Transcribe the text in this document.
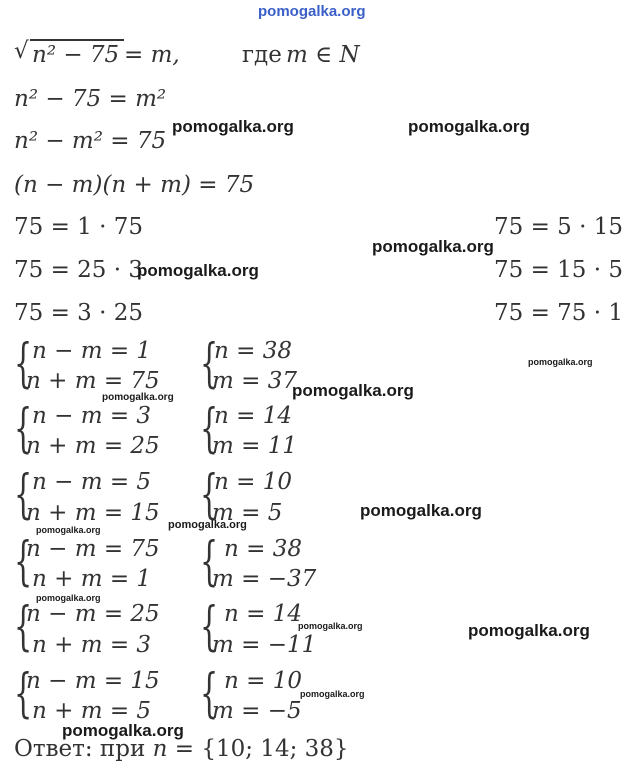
pomogalka.org
√ n² − 75 = m,	где m ∈ N
n² − 75 = m²
n² − m² = 75
(n − m)(n + m) = 75
75 = 1 · 75
75 = 25 · 3
75 = 3 · 25
75 = 5 · 15
75 = 15 · 5
75 = 75 · 1
{ n − m = 1
n + m = 75 {
n = 38
m = 37
{ n − m = 3
n + m = 25 {
n = 14
m = 11
{ n − m = 5
n + m = 15 {
n = 10
m = 5
{
n − m = 75
n + m = 1 { n = 38
m = −37
{
n − m = 25
n + m = 3 { n = 14
m = −11
{
n − m = 15
n + m = 5 { n = 10
m = −5
Ответ: при n = {10; 14; 38}
pomogalka.org	pomogalka.org
pomogalka.org
pomogalka.org
pomogalka.org
pomogalka.org
pomogalka.org
pomogalka.org
pomogalka.org
pomogalka.org
pomogalka.org	pomogalka.org
pomogalka.org
pomogalka.org
pomogalka.org
